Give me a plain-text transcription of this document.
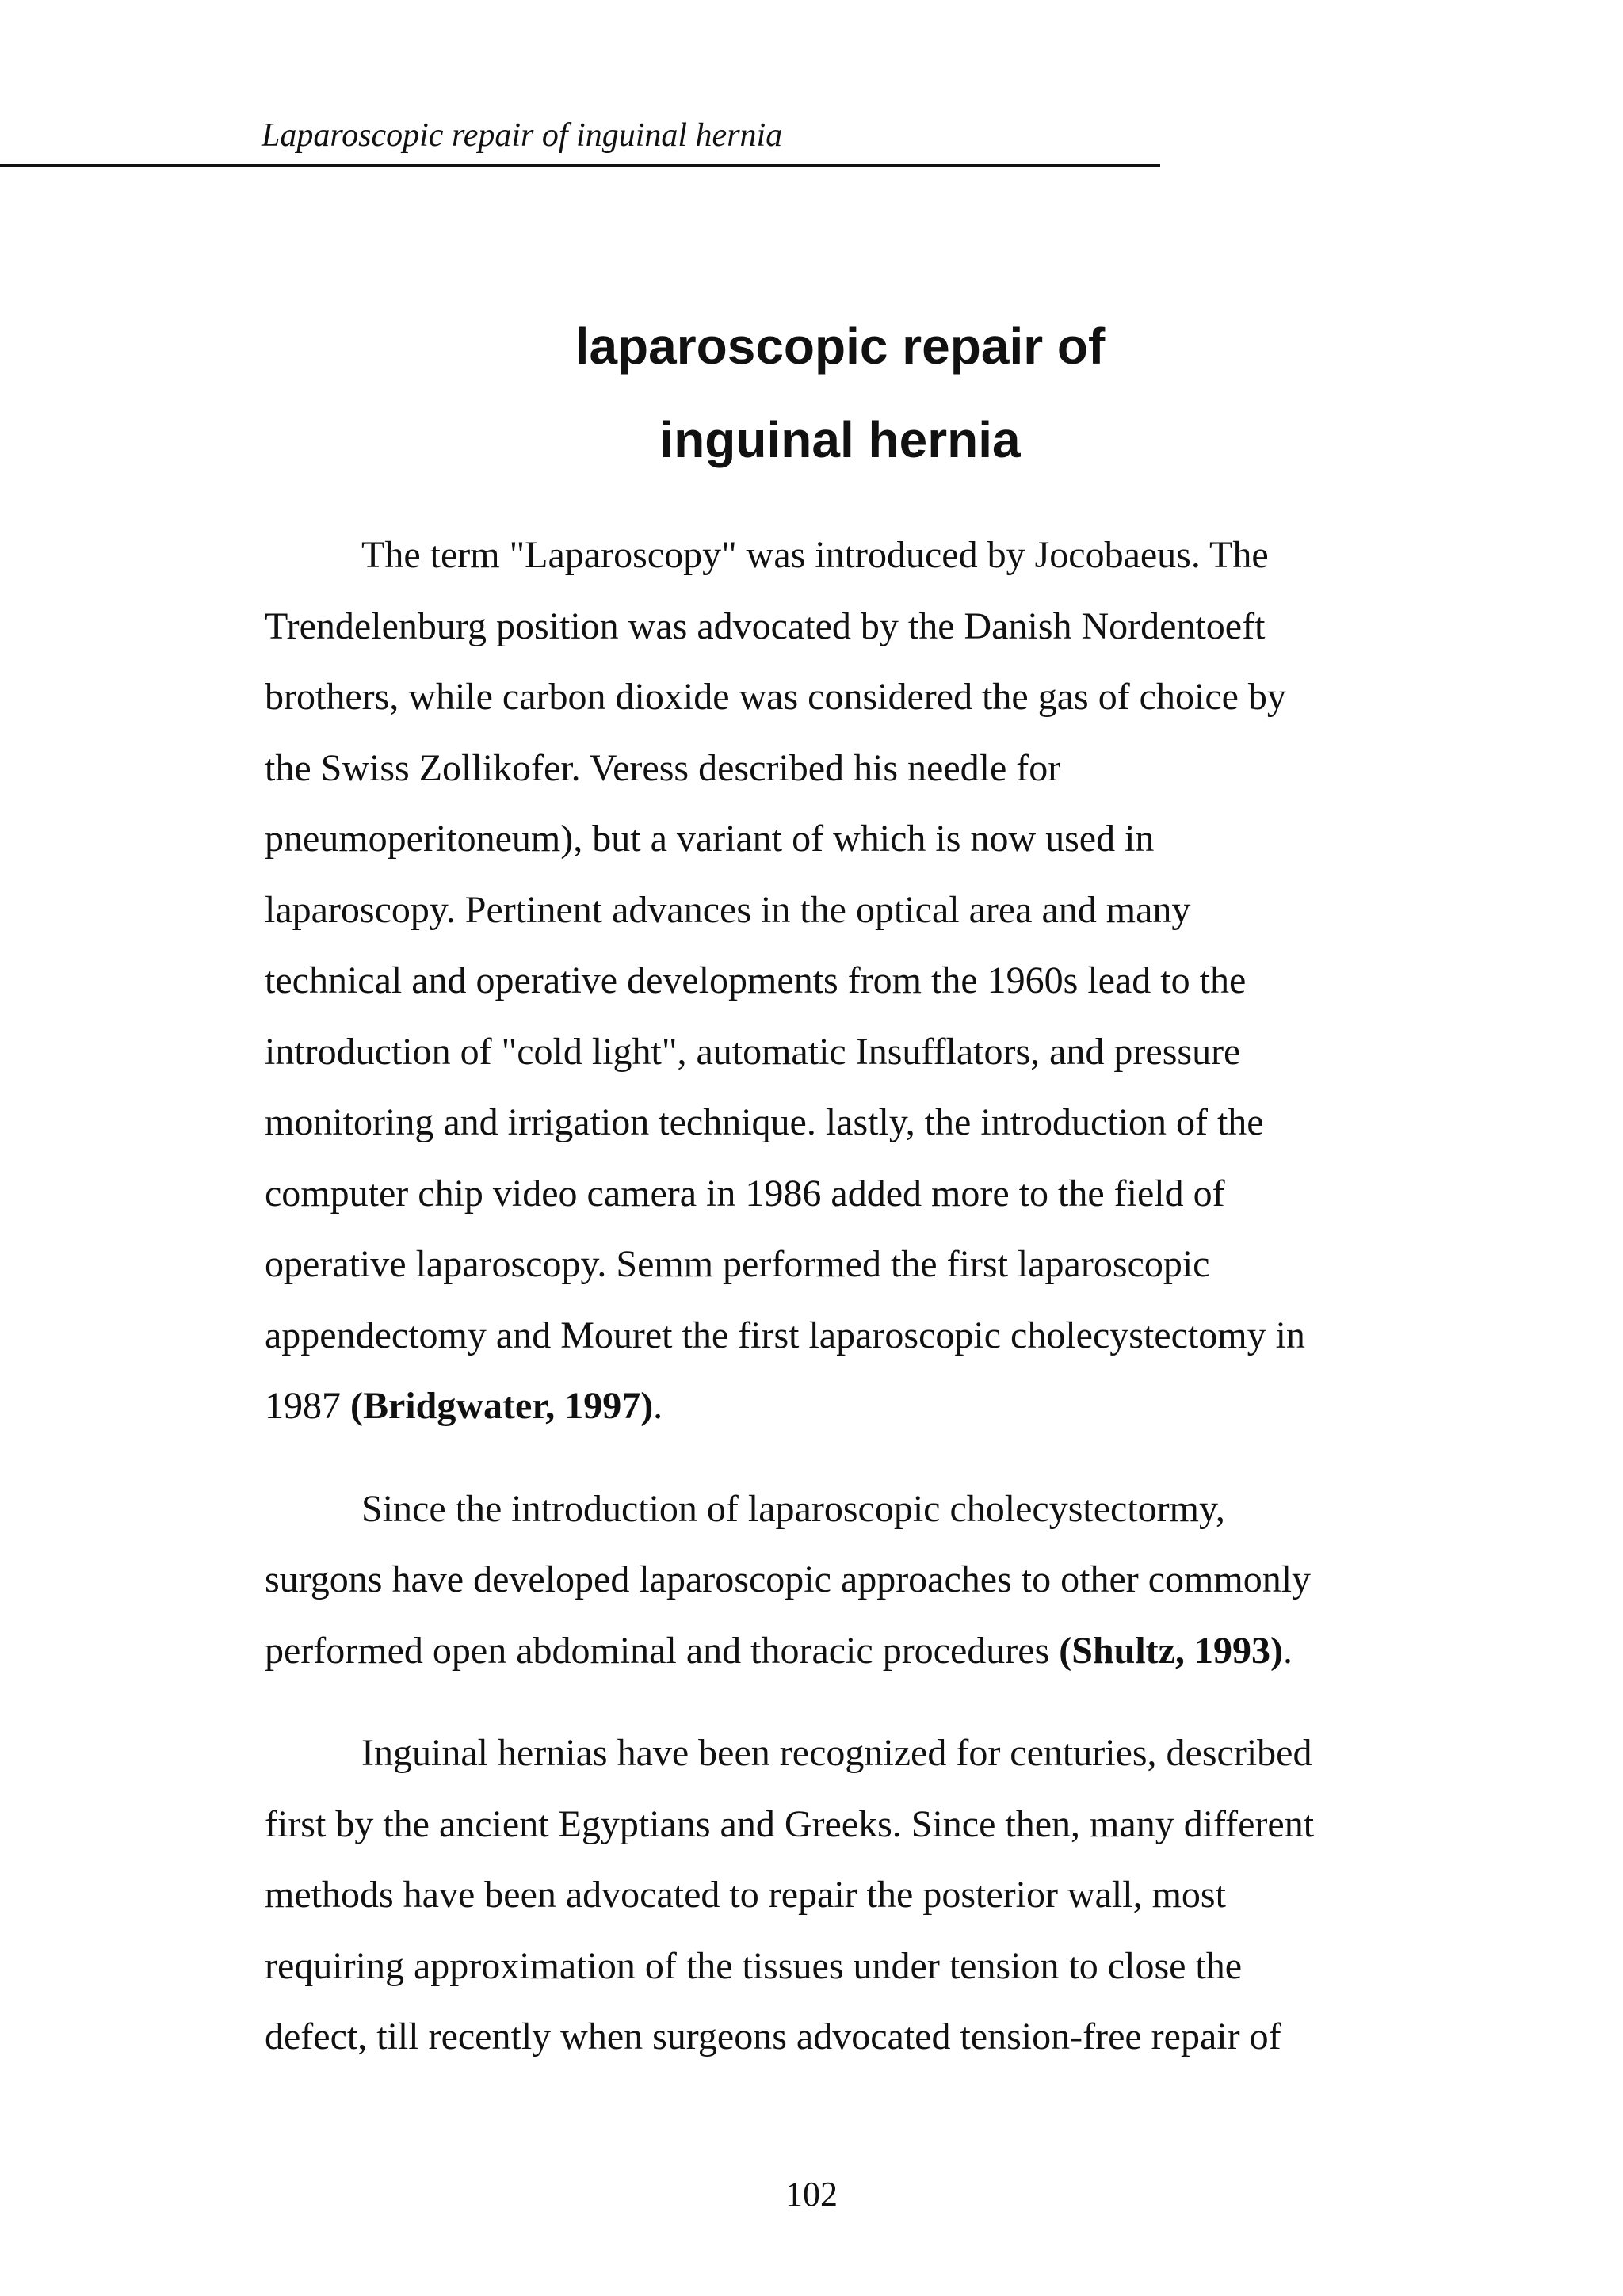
Laparoscopic repair of inguinal hernia
laparoscopic repair of
inguinal hernia

The term "Laparoscopy" was introduced by Jocobaeus. The
Trendelenburg position was advocated by the Danish Nordentoeft
brothers, while carbon dioxide was considered the gas of choice by
the Swiss Zollikofer. Veress described his needle for
pneumoperitoneum), but a variant of which is now used in
laparoscopy. Pertinent advances in the optical area and many
technical and operative developments from the 1960s lead to the
introduction of "cold light", automatic Insufflators, and pressure
monitoring and irrigation technique. lastly, the introduction of the
computer chip video camera in 1986 added more to the field of
operative laparoscopy. Semm performed the first laparoscopic
appendectomy and Mouret the first laparoscopic cholecystectomy in
1987 (Bridgwater, 1997).

Since the introduction of laparoscopic cholecystectormy,
surgons have developed laparoscopic approaches to other commonly
performed open abdominal and thoracic procedures (Shultz, 1993).

Inguinal hernias have been recognized for centuries, described
first by the ancient Egyptians and Greeks. Since then, many different
methods have been advocated to repair the posterior wall, most
requiring approximation of the tissues under tension to close the
defect, till recently when surgeons advocated tension-free repair of

102
